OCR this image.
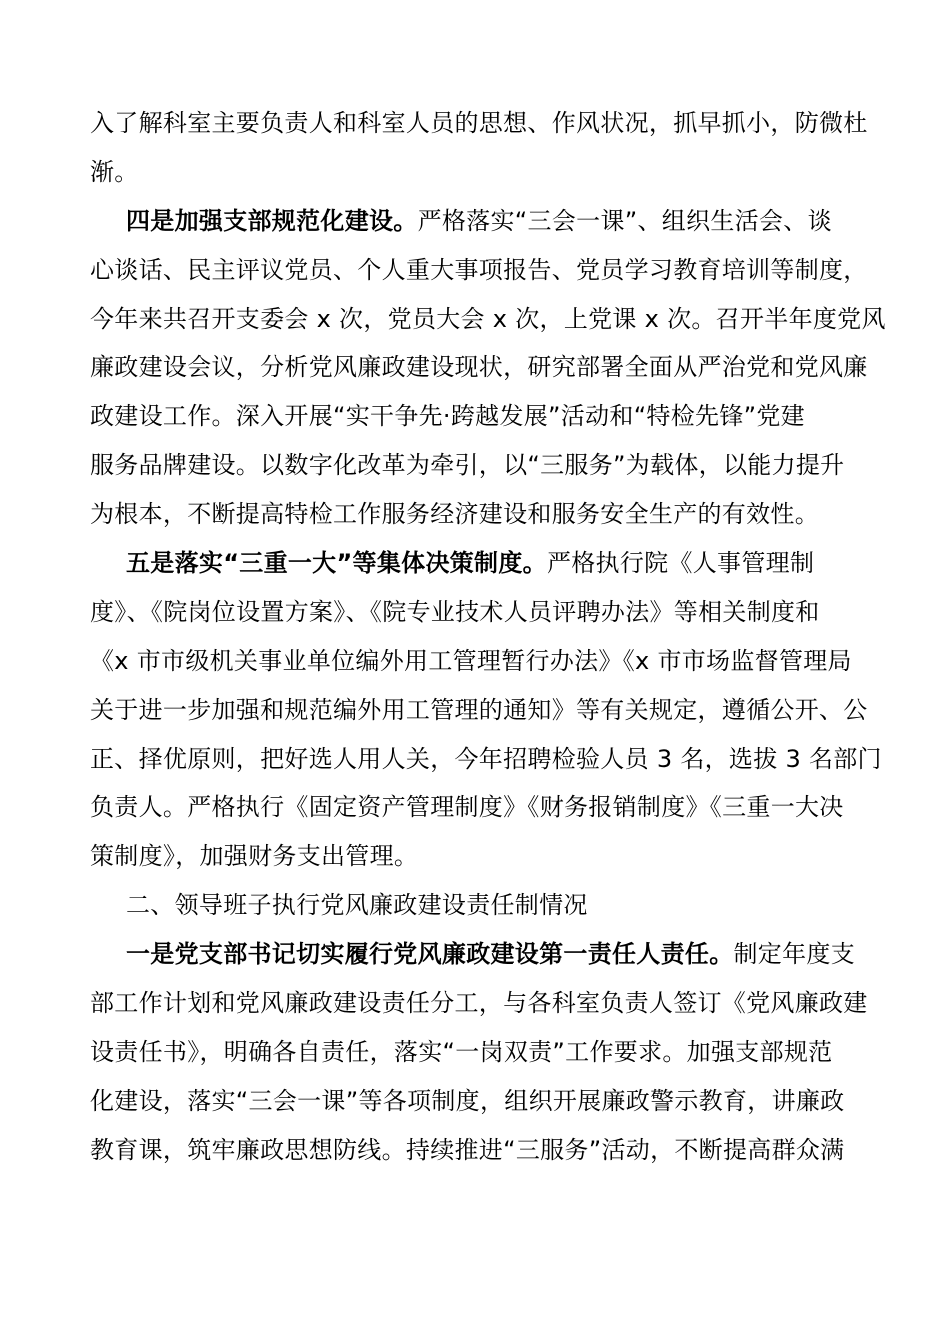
入了解科室主要负责人和科室人员的思想、作风状况，抓早抓小，防微杜
渐。
四是加强支部规范化建设。严格落实“三会一课”、组织生活会、谈
心谈话、民主评议党员、个人重大事项报告、党员学习教育培训等制度，
今年来共召开支委会 x 次，党员大会 x 次，上党课 x 次。召开半年度党风
廉政建设会议，分析党风廉政建设现状，研究部署全面从严治党和党风廉
政建设工作。深入开展“实干争先·跨越发展”活动和“特检先锋”党建
服务品牌建设。以数字化改革为牵引，以“三服务”为载体，以能力提升
为根本，不断提高特检工作服务经济建设和服务安全生产的有效性。
五是落实“三重一大”等集体决策制度。严格执行院《人事管理制
度》、《院岗位设置方案》、《院专业技术人员评聘办法》等相关制度和
《x 市市级机关事业单位编外用工管理暂行办法》《x 市市场监督管理局
关于进一步加强和规范编外用工管理的通知》等有关规定，遵循公开、公
正、择优原则，把好选人用人关，今年招聘检验人员 3 名，选拔 3 名部门
负责人。严格执行《固定资产管理制度》《财务报销制度》《三重一大决
策制度》，加强财务支出管理。
二、领导班子执行党风廉政建设责任制情况
一是党支部书记切实履行党风廉政建设第一责任人责任。制定年度支
部工作计划和党风廉政建设责任分工，与各科室负责人签订《党风廉政建
设责任书》，明确各自责任，落实“一岗双责”工作要求。加强支部规范
化建设，落实“三会一课”等各项制度，组织开展廉政警示教育，讲廉政
教育课，筑牢廉政思想防线。持续推进“三服务”活动，不断提高群众满
